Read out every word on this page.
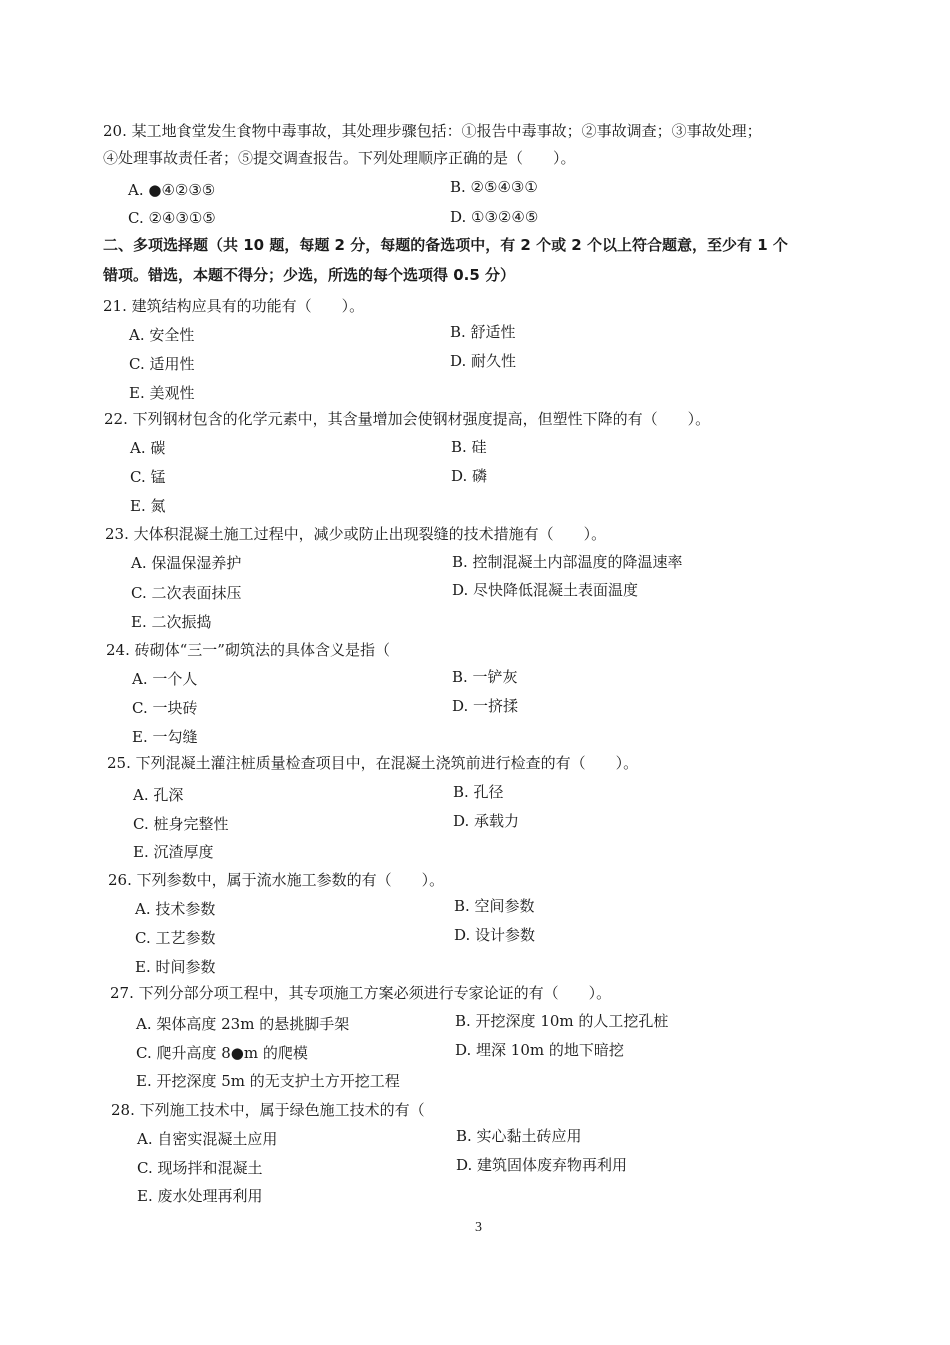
20. 某工地食堂发生食物中毒事故，其处理步骤包括：①报告中毒事故；②事故调查；③事故处理；
④处理事故责任者；⑤提交调查报告。下列处理顺序正确的是（　　）。
A. ●④②③⑤	B. ②⑤④③①
C. ②④③①⑤	D. ①③②④⑤
二、多项选择题（共 10 题，每题 2 分，每题的备选项中，有 2 个或 2 个以上符合题意，至少有 1 个
错项。错选，本题不得分；少选，所选的每个选项得 0.5 分）
21. 建筑结构应具有的功能有（　　）。
A. 安全性	B. 舒适性
C. 适用性	D. 耐久性
E. 美观性
22. 下列钢材包含的化学元素中，其含量增加会使钢材强度提高，但塑性下降的有（　　）。
A. 碳	B. 硅
C. 锰	D. 磷
E. 氮
23. 大体积混凝土施工过程中，减少或防止出现裂缝的技术措施有（　　）。
A. 保温保湿养护	B. 控制混凝土内部温度的降温速率
C. 二次表面抹压	D. 尽快降低混凝土表面温度
E. 二次振捣
24. 砖砌体“三一”砌筑法的具体含义是指（
A. 一个人	B. 一铲灰
C. 一块砖	D. 一挤揉
E. 一勾缝
25. 下列混凝土灌注桩质量检查项目中，在混凝土浇筑前进行检查的有（　　）。
A. 孔深	B. 孔径
C. 桩身完整性	D. 承载力
E. 沉渣厚度
26. 下列参数中，属于流水施工参数的有（　　）。
A. 技术参数	B. 空间参数
C. 工艺参数	D. 设计参数
E. 时间参数
27. 下列分部分项工程中，其专项施工方案必须进行专家论证的有（　　）。
A. 架体高度 23m 的悬挑脚手架	B. 开挖深度 10m 的人工挖孔桩
C. 爬升高度 8●m 的爬模	D. 埋深 10m 的地下暗挖
E. 开挖深度 5m 的无支护土方开挖工程
28. 下列施工技术中，属于绿色施工技术的有（
A. 自密实混凝土应用	B. 实心黏土砖应用
C. 现场拌和混凝土	D. 建筑固体废弃物再利用
E. 废水处理再利用
3
